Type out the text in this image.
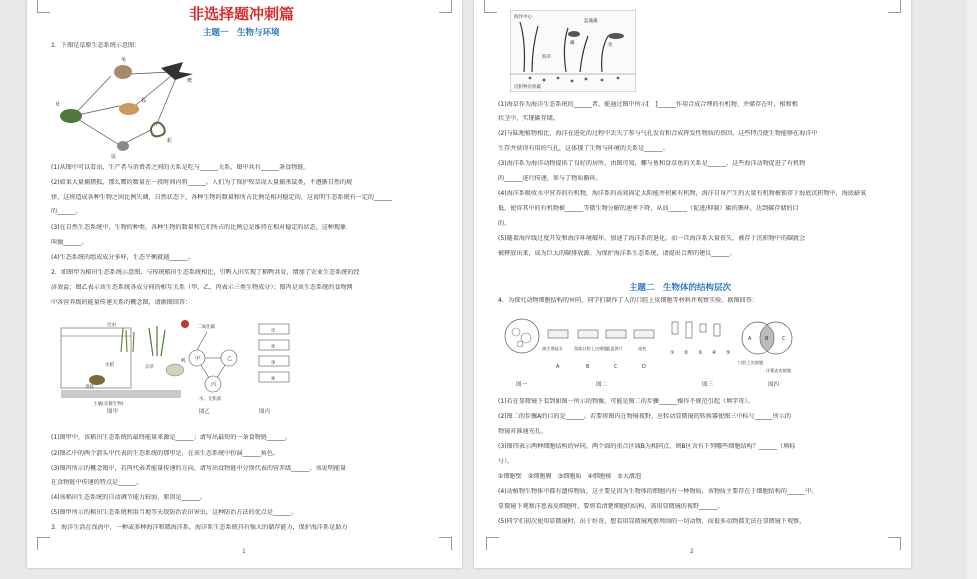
非选择题冲刺篇
主题一　生物与环境
1．下图是草原生态系统示意图：
兔
鹰
草
狐
鼠
蛇
(1)从图中可以看出，生产者与消费者之间的关系是吃与______关系，图中共有______条食物链。
(2)如果大量捕猎狐，那么鹰的数量在一段时间内将______。人们为了保护牧草而大量捕杀鼠类，不遵循自然的规
律，这将造成各种生物之间比例失调，自然状态下，各种生物的数量和所占比例是相对稳定的，这说明生态系统有一定的______
的______。
(3)在自然生态系统中，生物的种类、各种生物的数量和它们所占的比例总是维持在相对稳定的状态，这种现象
叫做______。
(4)生态系统的组成成分多样，生态平衡就越______。
2．如图甲为稻田生态系统示意图，与传统稻田生态系统相比，引鸭入田实现了稻鸭共育，增加了农业生态系统的经
济效益；图乙表示该生态系统各成分间的相互关系（甲、乙、丙表示三类生物成分）；图丙是该生态系统的食物网
中各营养级的能量传递关系的概念图，请据图回答：
昆虫
水稻	杂草
鸭
青蛙
土壤(及微生物)
二氧化碳
甲	乙
丙
水、无机盐
①
②
③
④
图甲	图乙	图丙
(1)图甲中，该稻田生态系统的最终能量来源是______；请写出最短的一条食物链______。
(2)图乙中的两个箭头中代表的生态系统的那里是，在该生态系统中扮演______角色。
(3)图丙所示的概念图中，若丙代表者能量传递的方向，请写出食物链中分别代表的营养级______。该说明能量
在食物链中传递的特点是______。
(4)该稻田生态系统的自动调节能力较弱，原因是______。
(5)图甲所示的稻田生态系统利用当地等天敌防治农田害虫，这种防治方法的优点是______。
3．海洋生活在浅海中，一种或多种海洋和微海洋系、海洋系生态系统具有强大的储存能力，保护海洋系是助力
1
海洋中心
蓝藻藻
螺	鱼
海草
沉积物有机碳
(1)海草作为海洋生态系统的______者，能通过图中所示[　]______作用合成合理的有机物，并储存在叶、根和根
状茎中，实现碳存储。
(2)与陆地植物相比，海洋在进化的过程中丢失了参与气孔发育和合成挥发性物质的基因，这些特点使生物能够在海洋中
生存并获得有用的气孔，这体现了生物与环境的关系是______。
(3)海洋系为海洋动物提供了良好的居所，由图可知，螺与鱼和食草鱼的关系是______，这些海洋动物促进了有机物
的______进行传递，参与了物质循环。
(4)海洋系吸收水中营养的有机物，海洋系的高效固定太阳能并积累有机物，海洋自身产生的大量有机物被锁存于海底沉积物中，海底缺氧
低，使得其中的有机物被______等微生物分解的速率下降，从而______（促进/抑制）碳的循环，达到碳存储的目
的。
(5)随着海岸线过度开发和海洋环境破坏，加速了海洋系的退化，而一旦海洋系大量丧失，被存于沉积物中的碳就会
被释放出来，成为巨大的碳排放源。为保护海洋系生态系统，请提出合理的建议______。
主题二　生物体的结构层次
4．为探究动物细胞结构的异同，同学们制作了人的口腔上皮细胞等材料并观察实验。据图回答：
滴生理盐水	刮取口腔上皮细胞
盖盖玻片	染色
A	B	C	D
① ② ③ ④ ⑤
A	B	C
口腔上皮细胞
洋葱表皮细胞
图一	图二	图三	图四
(1)若在显微镜下看到如图一所示的物像，可能是图二的步骤______操作不规范引起（填字母）。
(2)图二的步骤A的目的是______。若要将图内在物镜视野，应转动显微镜的转换器使图三中标号______所示的
物镜对准通光孔。
(3)图四表示两种细胞结构的异同，两个圆的重合区域B为相同点，则B区含有下列哪些细胞结构？______（填标
号）。
①细胞壁　②细胞膜　③细胞质　④细胞核　⑤大液泡
(4)动植物生物体中都有遗传物质，这主要是因为生物体的细胞内有一种物质，该物质主要存在于细胞结构的______中。
显微镜下观察洋葱表皮细胞时，要将看清楚细胞的结构，需用显微镜的视野______。
(5)同学们初次使用显微镜时，出于好奇，想看用显微镜观察周围的一切动物，而很多动物都无法在显微镜下观察，
2
